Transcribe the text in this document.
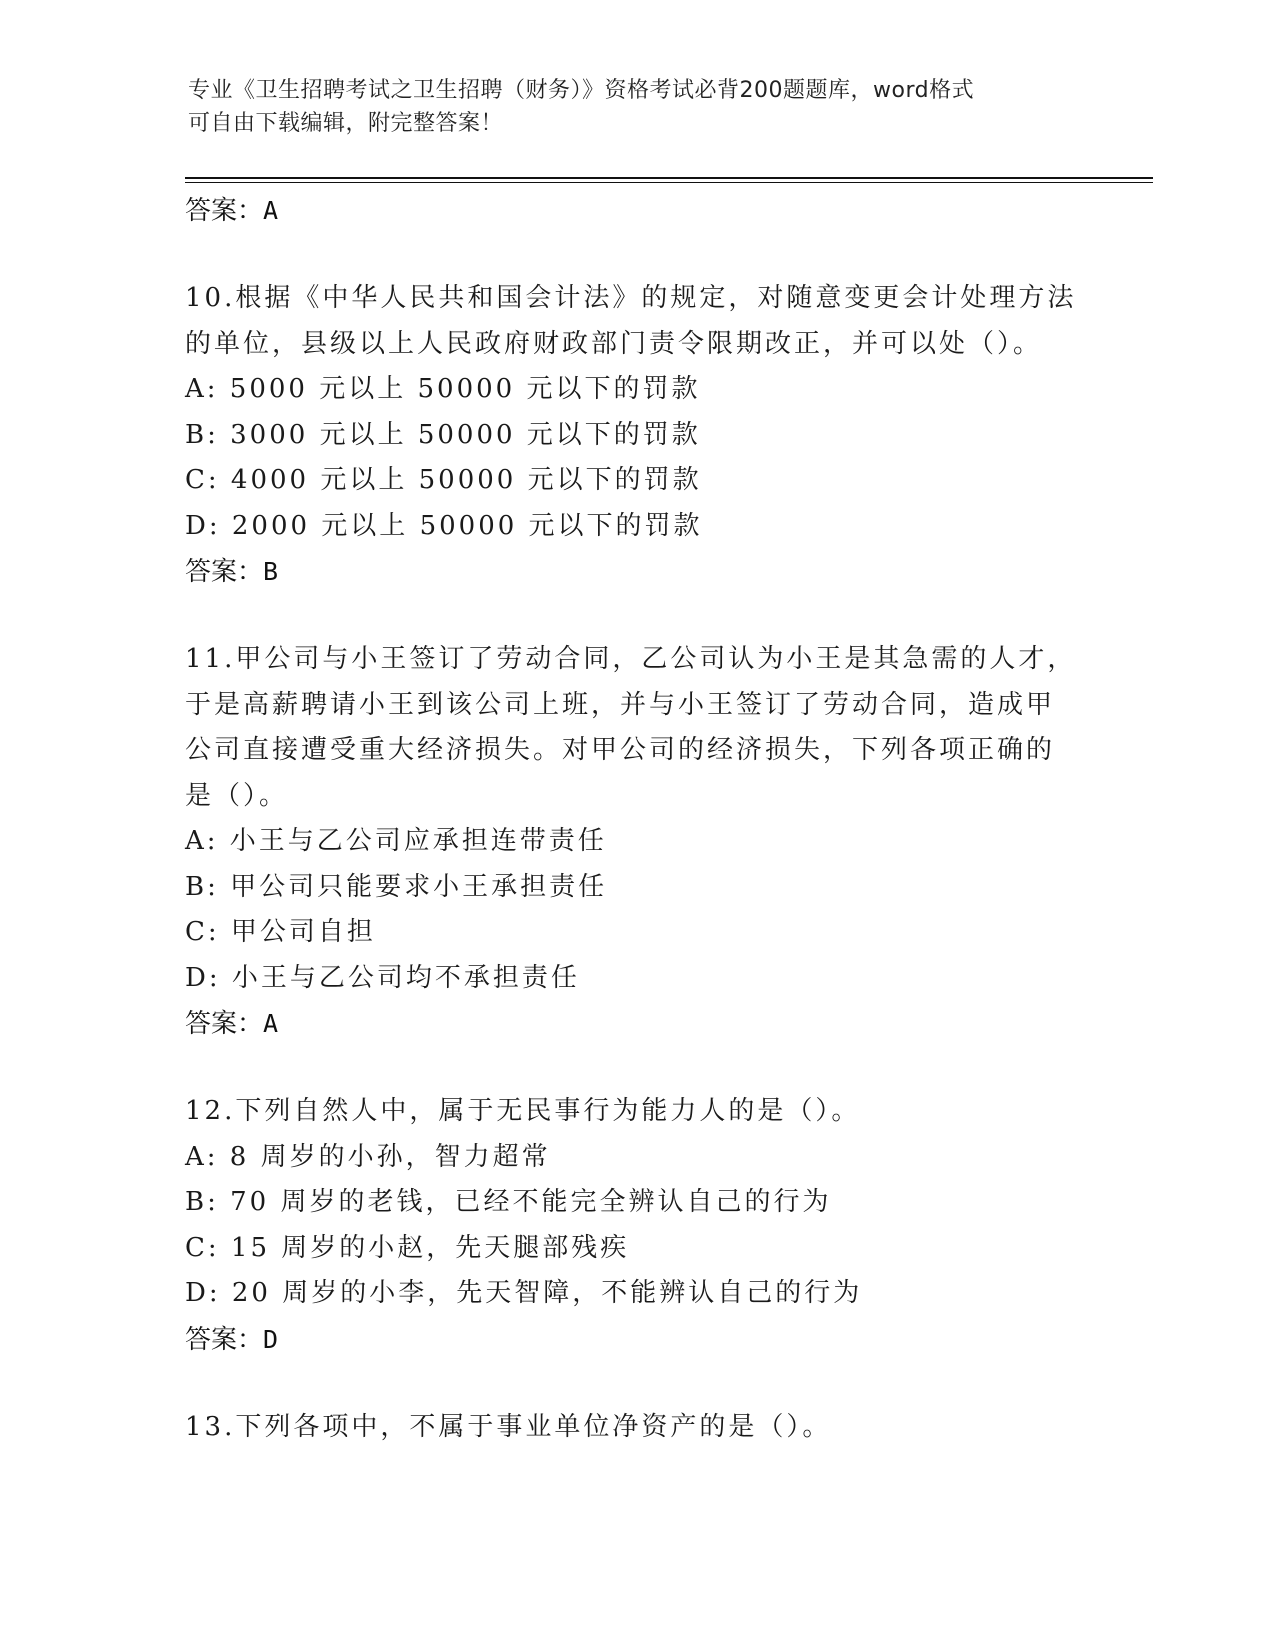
专业《卫生招聘考试之卫生招聘（财务）》资格考试必背200题题库，word格式
可自由下载编辑，附完整答案！
答案：A
10.根据《中华人民共和国会计法》的规定，对随意变更会计处理方法
的单位，县级以上人民政府财政部门责令限期改正，并可以处（）。
A: 5000 元以上 50000 元以下的罚款
B: 3000 元以上 50000 元以下的罚款
C: 4000 元以上 50000 元以下的罚款
D: 2000 元以上 50000 元以下的罚款
答案：B
11.甲公司与小王签订了劳动合同，乙公司认为小王是其急需的人才，
于是高薪聘请小王到该公司上班，并与小王签订了劳动合同，造成甲
公司直接遭受重大经济损失。对甲公司的经济损失，下列各项正确的
是（）。
A: 小王与乙公司应承担连带责任
B: 甲公司只能要求小王承担责任
C: 甲公司自担
D: 小王与乙公司均不承担责任
答案：A
12.下列自然人中，属于无民事行为能力人的是（）。
A: 8 周岁的小孙，智力超常
B: 70 周岁的老钱，已经不能完全辨认自己的行为
C: 15 周岁的小赵，先天腿部残疾
D: 20 周岁的小李，先天智障，不能辨认自己的行为
答案：D
13.下列各项中，不属于事业单位净资产的是（）。
